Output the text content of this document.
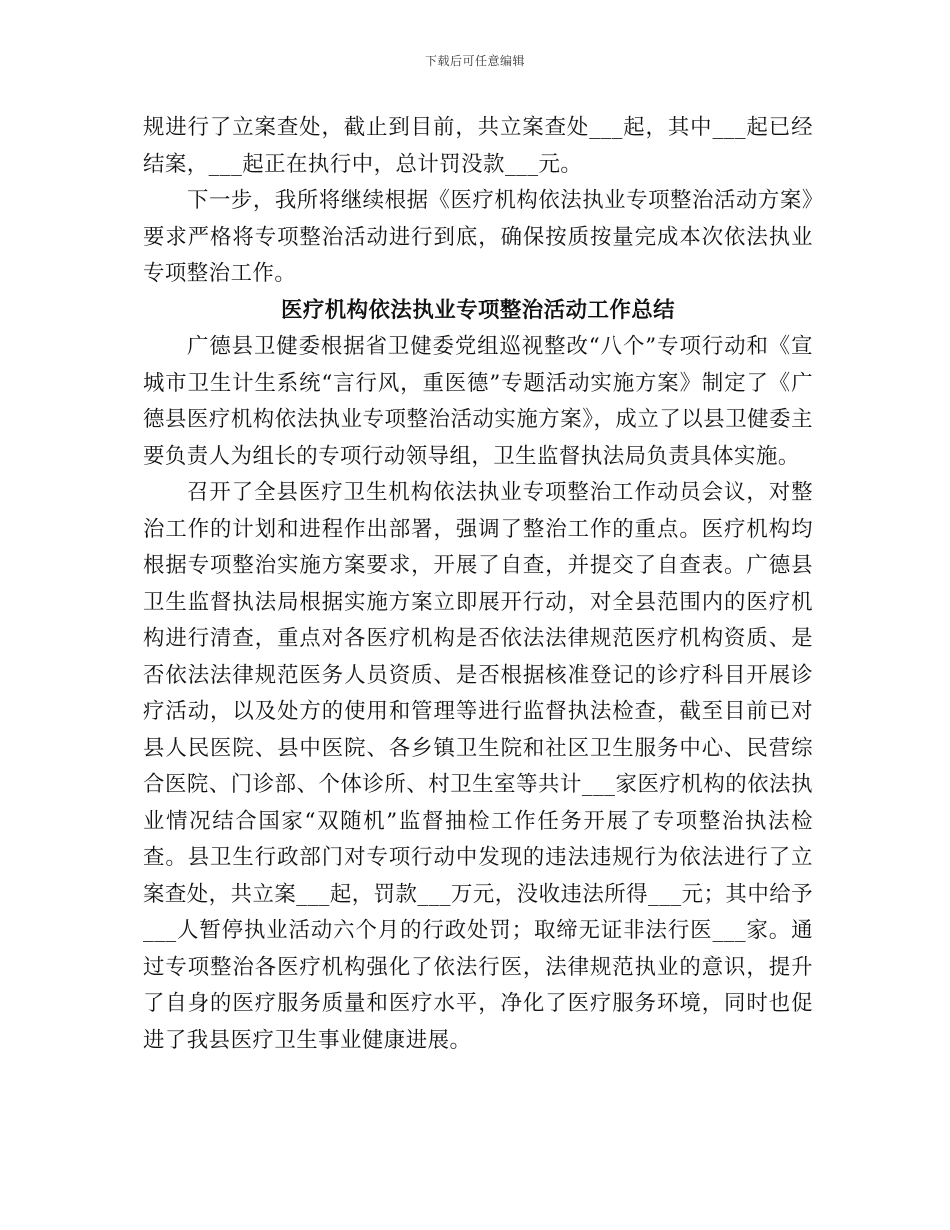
下载后可任意编辑

规进行了立案查处，截止到目前，共立案查处___起，其中___起已经结案，___起正在执行中，总计罚没款___元。

下一步，我所将继续根据《医疗机构依法执业专项整治活动方案》要求严格将专项整治活动进行到底，确保按质按量完成本次依法执业专项整治工作。

医疗机构依法执业专项整治活动工作总结

广德县卫健委根据省卫健委党组巡视整改“八个”专项行动和《宣城市卫生计生系统“言行风，重医德”专题活动实施方案》制定了《广德县医疗机构依法执业专项整治活动实施方案》，成立了以县卫健委主要负责人为组长的专项行动领导组，卫生监督执法局负责具体实施。

召开了全县医疗卫生机构依法执业专项整治工作动员会议，对整治工作的计划和进程作出部署，强调了整治工作的重点。医疗机构均根据专项整治实施方案要求，开展了自查，并提交了自查表。广德县卫生监督执法局根据实施方案立即展开行动，对全县范围内的医疗机构进行清查，重点对各医疗机构是否依法法律规范医疗机构资质、是否依法法律规范医务人员资质、是否根据核准登记的诊疗科目开展诊疗活动，以及处方的使用和管理等进行监督执法检查，截至目前已对县人民医院、县中医院、各乡镇卫生院和社区卫生服务中心、民营综合医院、门诊部、个体诊所、村卫生室等共计___家医疗机构的依法执业情况结合国家“双随机”监督抽检工作任务开展了专项整治执法检查。县卫生行政部门对专项行动中发现的违法违规行为依法进行了立案查处，共立案___起，罚款___万元，没收违法所得___元；其中给予___人暂停执业活动六个月的行政处罚；取缔无证非法行医___家。通过专项整治各医疗机构强化了依法行医，法律规范执业的意识，提升了自身的医疗服务质量和医疗水平，净化了医疗服务环境，同时也促进了我县医疗卫生事业健康进展。
